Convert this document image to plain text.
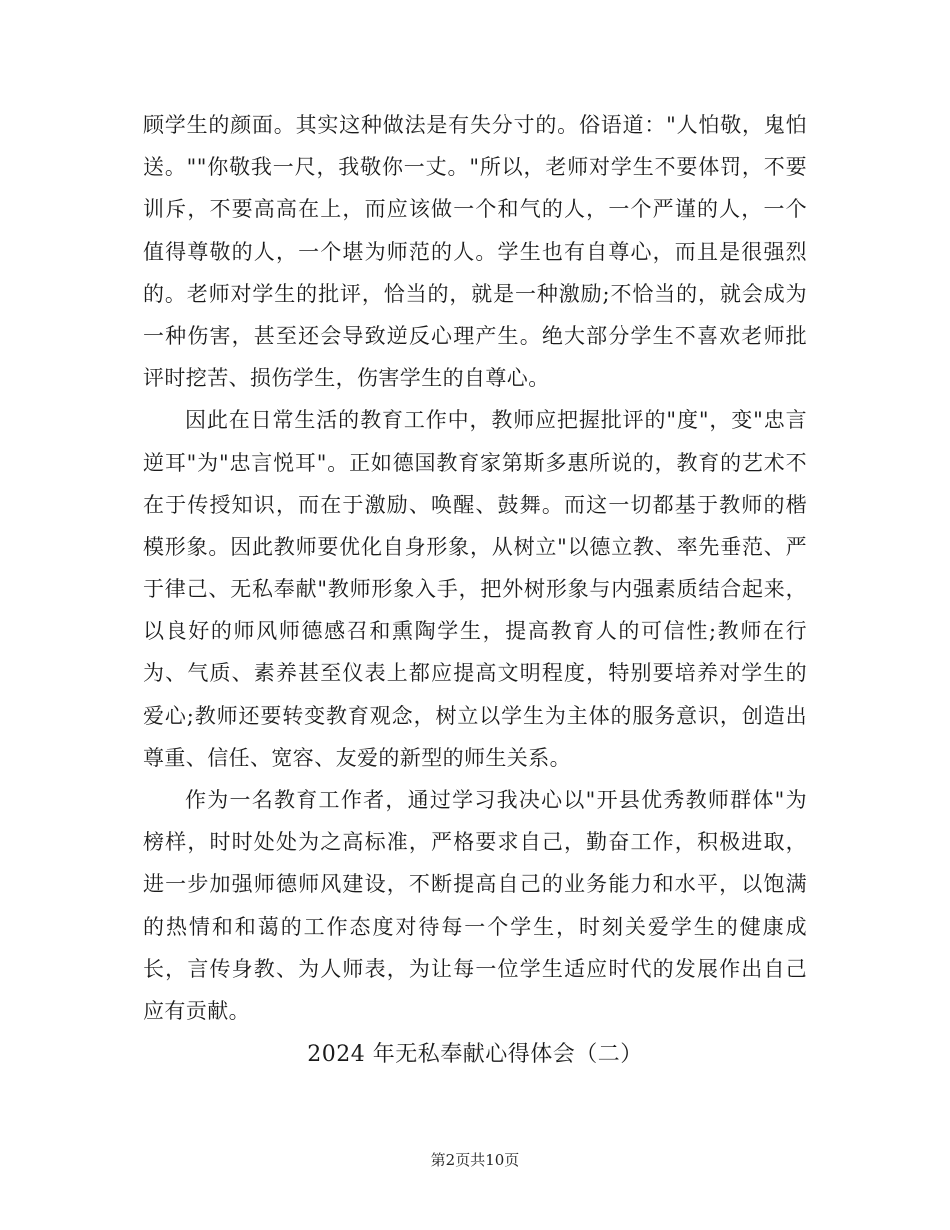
顾学生的颜面。其实这种做法是有失分寸的。俗语道："人怕敬，鬼怕
送。""你敬我一尺，我敬你一丈。"所以，老师对学生不要体罚，不要
训斥，不要高高在上，而应该做一个和气的人，一个严谨的人，一个
值得尊敬的人，一个堪为师范的人。学生也有自尊心，而且是很强烈
的。老师对学生的批评，恰当的，就是一种激励;不恰当的，就会成为
一种伤害，甚至还会导致逆反心理产生。绝大部分学生不喜欢老师批
评时挖苦、损伤学生，伤害学生的自尊心。
因此在日常生活的教育工作中，教师应把握批评的"度"，变"忠言
逆耳"为"忠言悦耳"。正如德国教育家第斯多惠所说的，教育的艺术不
在于传授知识，而在于激励、唤醒、鼓舞。而这一切都基于教师的楷
模形象。因此教师要优化自身形象，从树立"以德立教、率先垂范、严
于律己、无私奉献"教师形象入手，把外树形象与内强素质结合起来，
以良好的师风师德感召和熏陶学生，提高教育人的可信性;教师在行
为、气质、素养甚至仪表上都应提高文明程度，特别要培养对学生的
爱心;教师还要转变教育观念，树立以学生为主体的服务意识，创造出
尊重、信任、宽容、友爱的新型的师生关系。
作为一名教育工作者，通过学习我决心以"开县优秀教师群体"为
榜样，时时处处为之高标准，严格要求自己，勤奋工作，积极进取，
进一步加强师德师风建设，不断提高自己的业务能力和水平，以饱满
的热情和和蔼的工作态度对待每一个学生，时刻关爱学生的健康成
长，言传身教、为人师表，为让每一位学生适应时代的发展作出自己
应有贡献。
2024 年无私奉献心得体会（二）
第2页共10页
